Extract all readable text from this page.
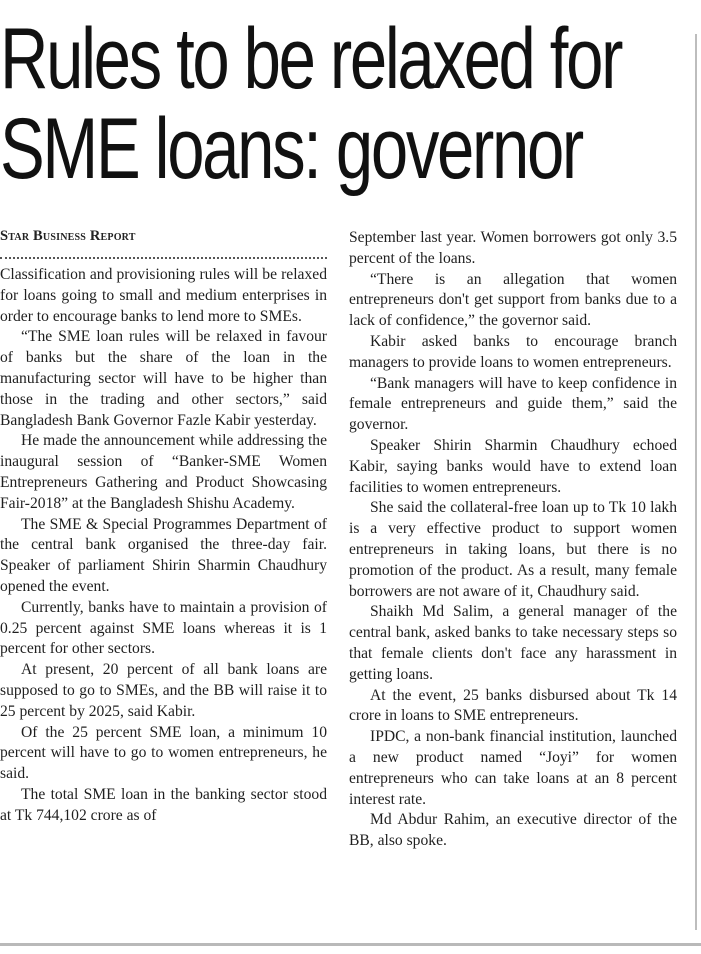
Rules to be relaxed for
SME loans: governor
Star Business Report

Classification and provisioning rules will be relaxed for loans going to small and medium enterprises in order to encourage banks to lend more to SMEs.

“The SME loan rules will be relaxed in favour of banks but the share of the loan in the manufacturing sector will have to be higher than those in the trading and other sectors,” said Bangladesh Bank Governor Fazle Kabir yesterday.

He made the announcement while addressing the inaugural session of “Banker-SME Women Entrepreneurs Gathering and Product Showcasing Fair-2018” at the Bangladesh Shishu Academy.

The SME & Special Programmes Department of the central bank organised the three-day fair. Speaker of parliament Shirin Sharmin Chaudhury opened the event.

Currently, banks have to maintain a provision of 0.25 percent against SME loans whereas it is 1 percent for other sectors.

At present, 20 percent of all bank loans are supposed to go to SMEs, and the BB will raise it to 25 percent by 2025, said Kabir.

Of the 25 percent SME loan, a minimum 10 percent will have to go to women entrepreneurs, he said.

The total SME loan in the banking sector stood at Tk 744,102 crore as of

September last year. Women borrowers got only 3.5 percent of the loans.

“There is an allegation that women entrepreneurs don't get support from banks due to a lack of confidence,” the governor said.

Kabir asked banks to encourage branch managers to provide loans to women entrepreneurs.

“Bank managers will have to keep confidence in female entrepreneurs and guide them,” said the governor.

Speaker Shirin Sharmin Chaudhury echoed Kabir, saying banks would have to extend loan facilities to women entrepreneurs.

She said the collateral-free loan up to Tk 10 lakh is a very effective product to support women entrepreneurs in taking loans, but there is no promotion of the product. As a result, many female borrowers are not aware of it, Chaudhury said.

Shaikh Md Salim, a general manager of the central bank, asked banks to take necessary steps so that female clients don't face any harassment in getting loans.

At the event, 25 banks disbursed about Tk 14 crore in loans to SME entrepreneurs.

IPDC, a non-bank financial institution, launched a new product named “Joyi” for women entrepreneurs who can take loans at an 8 percent interest rate.

Md Abdur Rahim, an executive director of the BB, also spoke.
